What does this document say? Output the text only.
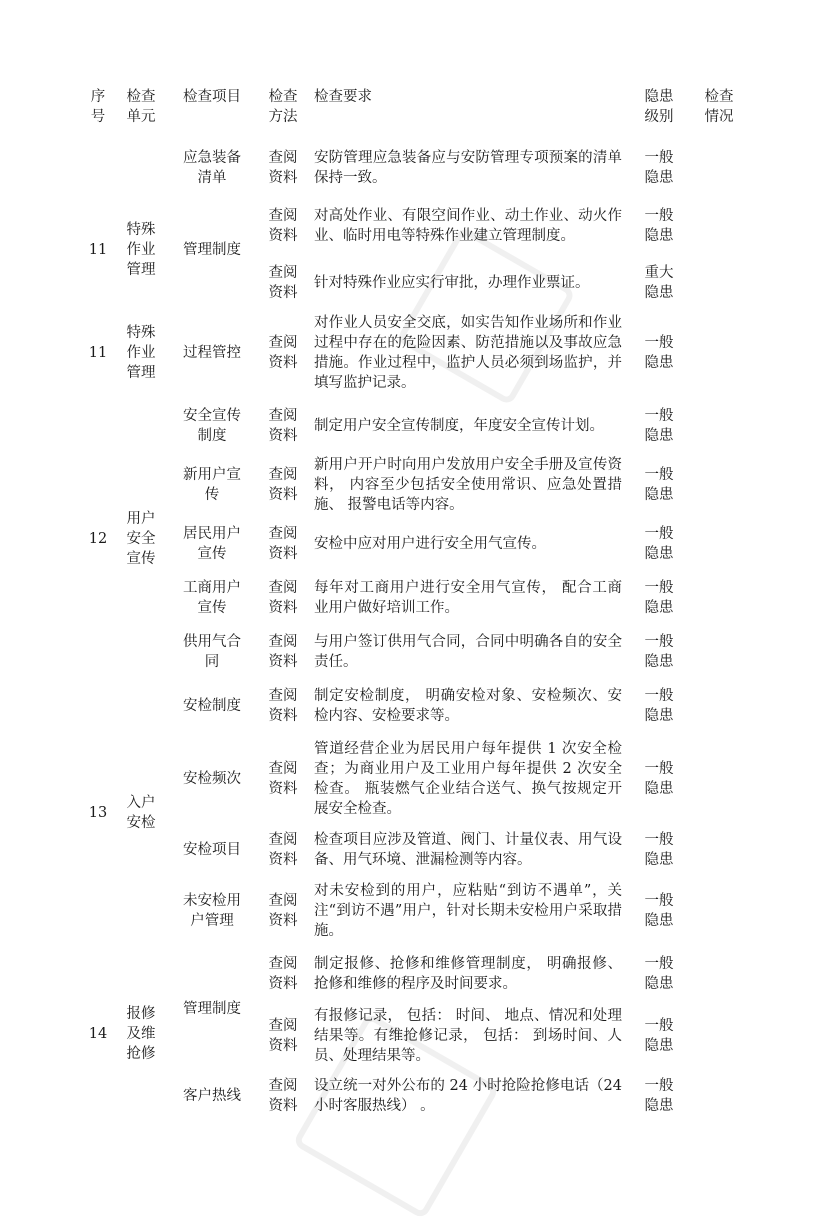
序号	检查单元	检查项目	检查方法	检查要求	隐患级别	检查情况
		应急装备清单	查阅资料	安防管理应急装备应与安防管理专项预案的清单保持一致。	一般隐患	
11	特殊作业管理	管理制度	查阅资料	对高处作业、有限空间作业、动土作业、动火作业、临时用电等特殊作业建立管理制度。	一般隐患	
			查阅资料	针对特殊作业应实行审批，办理作业票证。	重大隐患	
11	特殊作业管理	过程管控	查阅资料	对作业人员安全交底，如实告知作业场所和作业过程中存在的危险因素、防范措施以及事故应急措施。作业过程中，监护人员必须到场监护，并填写监护记录。	一般隐患	
12	用户安全宣传	安全宣传制度	查阅资料	制定用户安全宣传制度，年度安全宣传计划。	一般隐患	
		新用户宣传	查阅资料	新用户开户时向用户发放用户安全手册及宣传资料， 内容至少包括安全使用常识、应急处置措施、 报警电话等内容。	一般隐患	
		居民用户宣传	查阅资料	安检中应对用户进行安全用气宣传。	一般隐患	
		工商用户宣传	查阅资料	每年对工商用户进行安全用气宣传， 配合工商业用户做好培训工作。	一般隐患	
		供用气合同	查阅资料	与用户签订供用气合同，合同中明确各自的安全责任。	一般隐患	
13	入户安检	安检制度	查阅资料	制定安检制度， 明确安检对象、安检频次、安检内容、安检要求等。	一般隐患	
		安检频次	查阅资料	管道经营企业为居民用户每年提供 1 次安全检查；为商业用户及工业用户每年提供 2 次安全检查。 瓶装燃气企业结合送气、换气按规定开展安全检查。	一般隐患	
		安检项目	查阅资料	检查项目应涉及管道、阀门、计量仪表、用气设备、用气环境、泄漏检测等内容。	一般隐患	
		未安检用户管理	查阅资料	对未安检到的用户，应粘贴“到访不遇单”，关注“到访不遇”用户，针对长期未安检用户采取措施。	一般隐患	
14	报修及维抢修	管理制度	查阅资料	制定报修、抢修和维修管理制度， 明确报修、抢修和维修的程序及时间要求。	一般隐患	
			查阅资料	有报修记录， 包括： 时间、 地点、情况和处理结果等。有维抢修记录， 包括： 到场时间、人员、处理结果等。	一般隐患	
		客户热线	查阅资料	设立统一对外公布的 24 小时抢险抢修电话（24 小时客服热线） 。	一般隐患	
